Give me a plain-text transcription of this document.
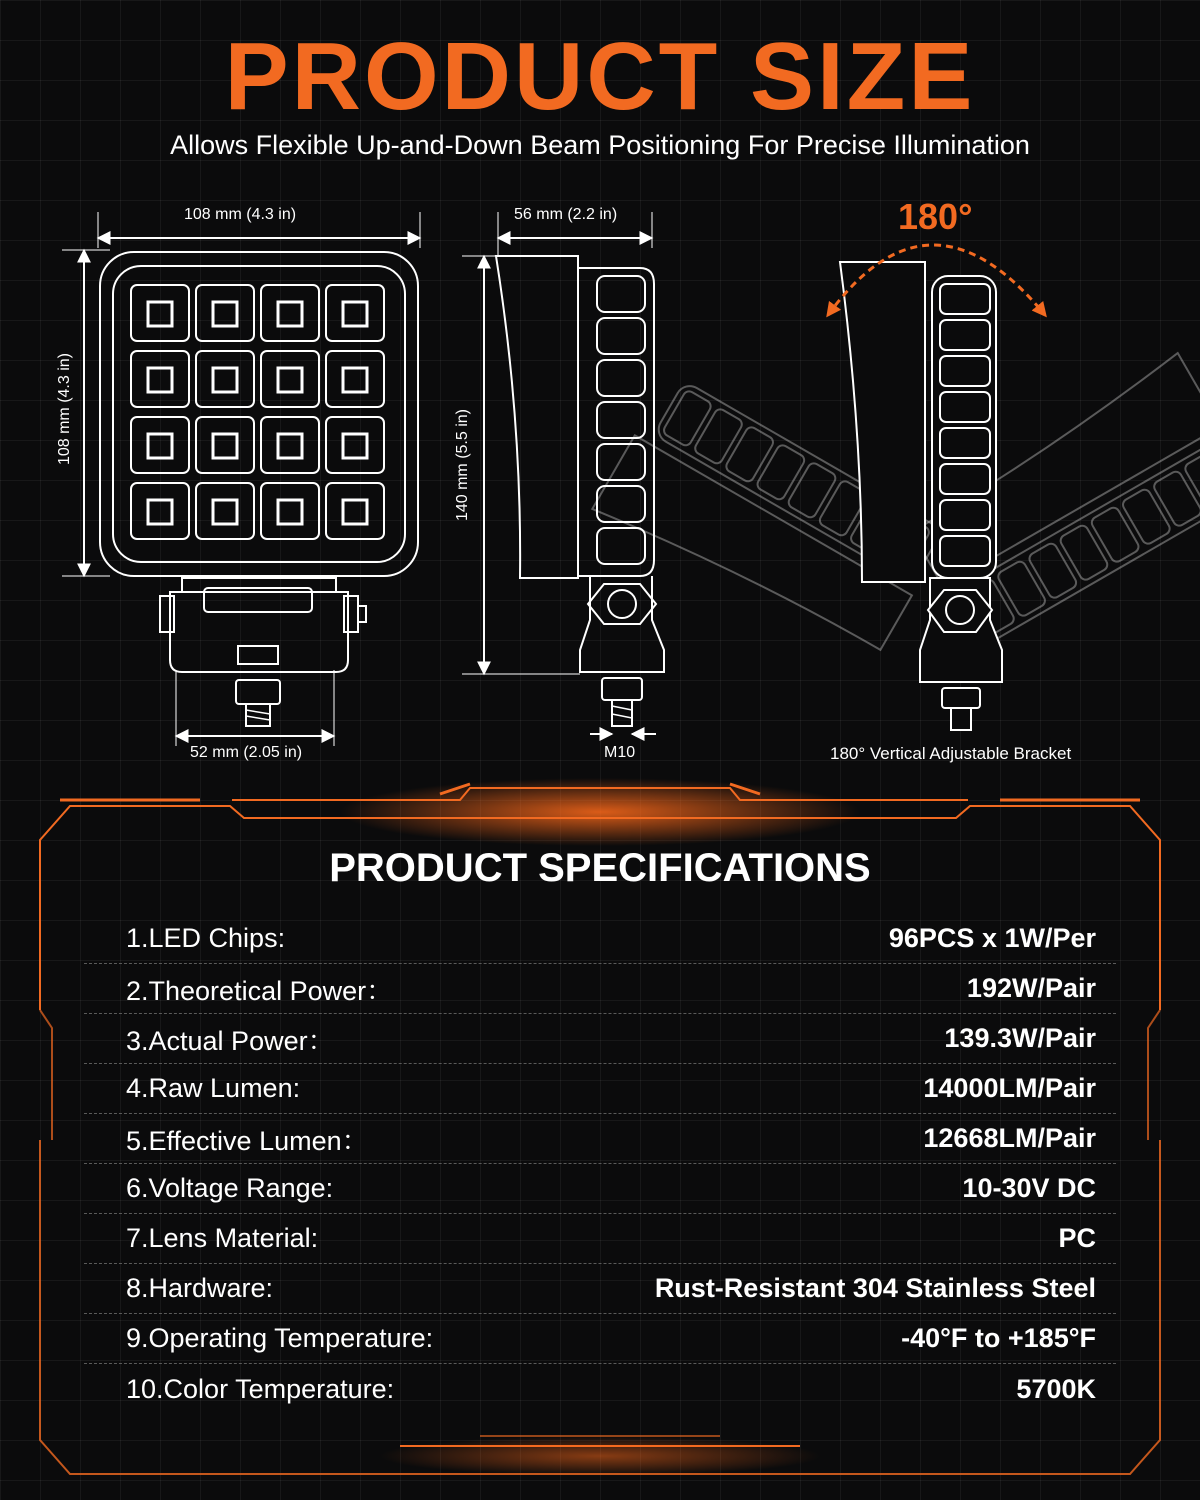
PRODUCT SIZE
Allows Flexible Up-and-Down Beam Positioning For Precise Illumination
108 mm (4.3 in)
108 mm (4.3 in)
52 mm (2.05 in)
56 mm (2.2 in)
140 mm (5.5 in)
M10
180°
180° Vertical Adjustable Bracket
PRODUCT SPECIFICATIONS
1.LED Chips:	96PCS x 1W/Per
2.Theoretical Power：	192W/Pair
3.Actual Power：	139.3W/Pair
4.Raw Lumen:	14000LM/Pair
5.Effective Lumen：	12668LM/Pair
6.Voltage Range:	10-30V DC
7.Lens Material:	PC
8.Hardware:	Rust-Resistant 304 Stainless Steel
9.Operating Temperature:	-40°F to +185°F
10.Color Temperature:	5700K
